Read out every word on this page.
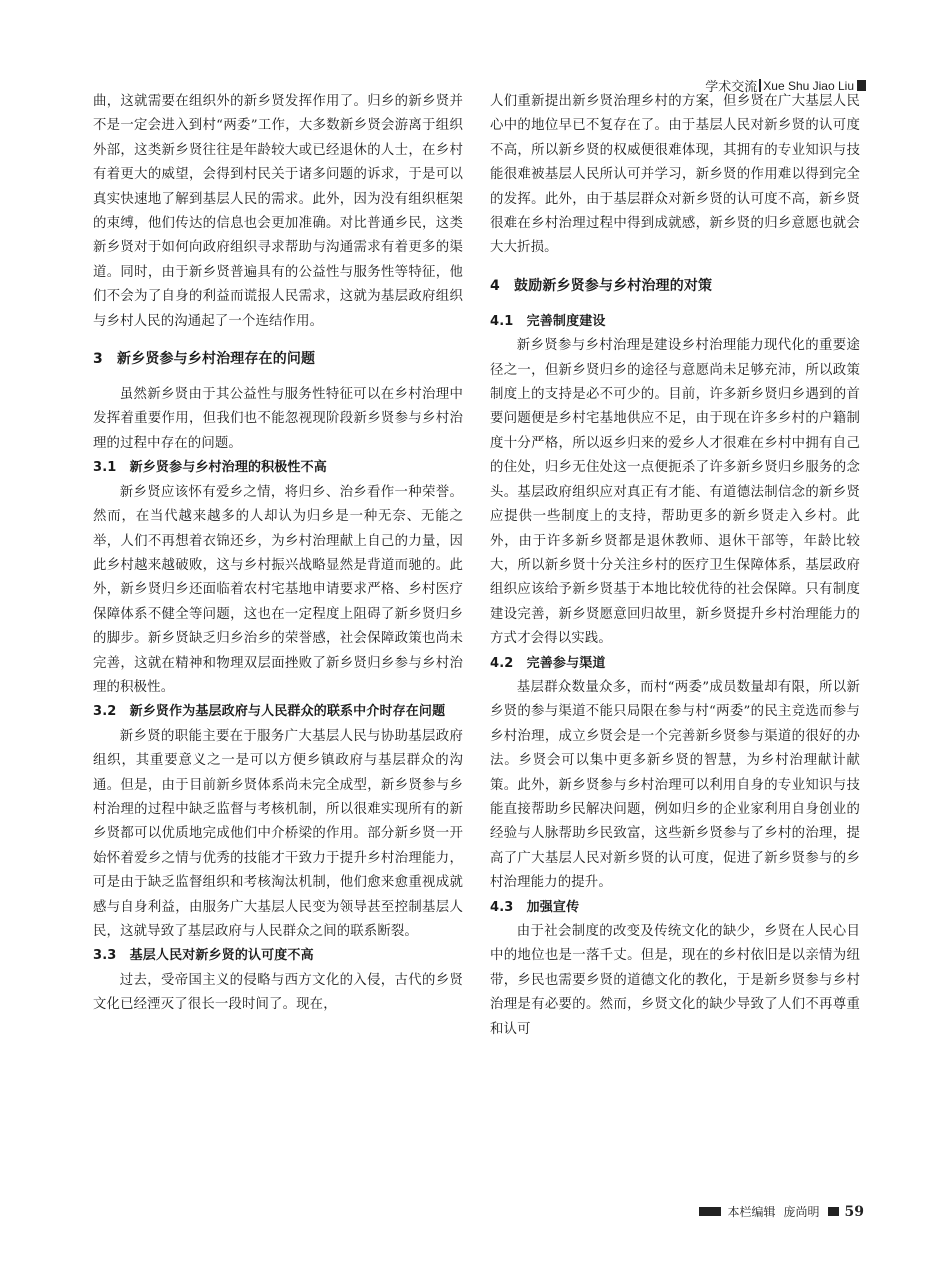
学术交流 Xue Shu Jiao Liu

曲，这就需要在组织外的新乡贤发挥作用了。归乡的新乡贤并不是一定会进入到村“两委”工作，大多数新乡贤会游离于组织外部，这类新乡贤往往是年龄较大或已经退休的人士，在乡村有着更大的威望，会得到村民关于诸多问题的诉求，于是可以真实快速地了解到基层人民的需求。此外，因为没有组织框架的束缚，他们传达的信息也会更加准确。对比普通乡民，这类新乡贤对于如何向政府组织寻求帮助与沟通需求有着更多的渠道。同时，由于新乡贤普遍具有的公益性与服务性等特征，他们不会为了自身的利益而谎报人民需求，这就为基层政府组织与乡村人民的沟通起了一个连结作用。

3　新乡贤参与乡村治理存在的问题

虽然新乡贤由于其公益性与服务性特征可以在乡村治理中发挥着重要作用，但我们也不能忽视现阶段新乡贤参与乡村治理的过程中存在的问题。

3.1　新乡贤参与乡村治理的积极性不高

新乡贤应该怀有爱乡之情，将归乡、治乡看作一种荣誉。然而，在当代越来越多的人却认为归乡是一种无奈、无能之举，人们不再想着衣锦还乡，为乡村治理献上自己的力量，因此乡村越来越破败，这与乡村振兴战略显然是背道而驰的。此外，新乡贤归乡还面临着农村宅基地申请要求严格、乡村医疗保障体系不健全等问题，这也在一定程度上阻碍了新乡贤归乡的脚步。新乡贤缺乏归乡治乡的荣誉感，社会保障政策也尚未完善，这就在精神和物理双层面挫败了新乡贤归乡参与乡村治理的积极性。

3.2　新乡贤作为基层政府与人民群众的联系中介时存在问题

新乡贤的职能主要在于服务广大基层人民与协助基层政府组织，其重要意义之一是可以方便乡镇政府与基层群众的沟通。但是，由于目前新乡贤体系尚未完全成型，新乡贤参与乡村治理的过程中缺乏监督与考核机制，所以很难实现所有的新乡贤都可以优质地完成他们中介桥梁的作用。部分新乡贤一开始怀着爱乡之情与优秀的技能才干致力于提升乡村治理能力，可是由于缺乏监督组织和考核淘汰机制，他们愈来愈重视成就感与自身利益，由服务广大基层人民变为领导甚至控制基层人民，这就导致了基层政府与人民群众之间的联系断裂。

3.3　基层人民对新乡贤的认可度不高

过去，受帝国主义的侵略与西方文化的入侵，古代的乡贤文化已经湮灭了很长一段时间了。现在，

人们重新提出新乡贤治理乡村的方案，但乡贤在广大基层人民心中的地位早已不复存在了。由于基层人民对新乡贤的认可度不高，所以新乡贤的权威便很难体现，其拥有的专业知识与技能很难被基层人民所认可并学习，新乡贤的作用难以得到完全的发挥。此外，由于基层群众对新乡贤的认可度不高，新乡贤很难在乡村治理过程中得到成就感，新乡贤的归乡意愿也就会大大折损。

4　鼓励新乡贤参与乡村治理的对策
4.1　完善制度建设

新乡贤参与乡村治理是建设乡村治理能力现代化的重要途径之一，但新乡贤归乡的途径与意愿尚未足够充沛，所以政策制度上的支持是必不可少的。目前，许多新乡贤归乡遇到的首要问题便是乡村宅基地供应不足，由于现在许多乡村的户籍制度十分严格，所以返乡归来的爱乡人才很难在乡村中拥有自己的住处，归乡无住处这一点便扼杀了许多新乡贤归乡服务的念头。基层政府组织应对真正有才能、有道德法制信念的新乡贤应提供一些制度上的支持，帮助更多的新乡贤走入乡村。此外，由于许多新乡贤都是退休教师、退休干部等，年龄比较大，所以新乡贤十分关注乡村的医疗卫生保障体系，基层政府组织应该给予新乡贤基于本地比较优待的社会保障。只有制度建设完善，新乡贤愿意回归故里，新乡贤提升乡村治理能力的方式才会得以实践。

4.2　完善参与渠道

基层群众数量众多，而村“两委”成员数量却有限，所以新乡贤的参与渠道不能只局限在参与村“两委”的民主竞选而参与乡村治理，成立乡贤会是一个完善新乡贤参与渠道的很好的办法。乡贤会可以集中更多新乡贤的智慧，为乡村治理献计献策。此外，新乡贤参与乡村治理可以利用自身的专业知识与技能直接帮助乡民解决问题，例如归乡的企业家利用自身创业的经验与人脉帮助乡民致富，这些新乡贤参与了乡村的治理，提高了广大基层人民对新乡贤的认可度，促进了新乡贤参与的乡村治理能力的提升。

4.3　加强宣传

由于社会制度的改变及传统文化的缺少，乡贤在人民心目中的地位也是一落千丈。但是，现在的乡村依旧是以亲情为纽带，乡民也需要乡贤的道德文化的教化，于是新乡贤参与乡村治理是有必要的。然而，乡贤文化的缺少导致了人们不再尊重和认可

本栏编辑 庞尚明 59
